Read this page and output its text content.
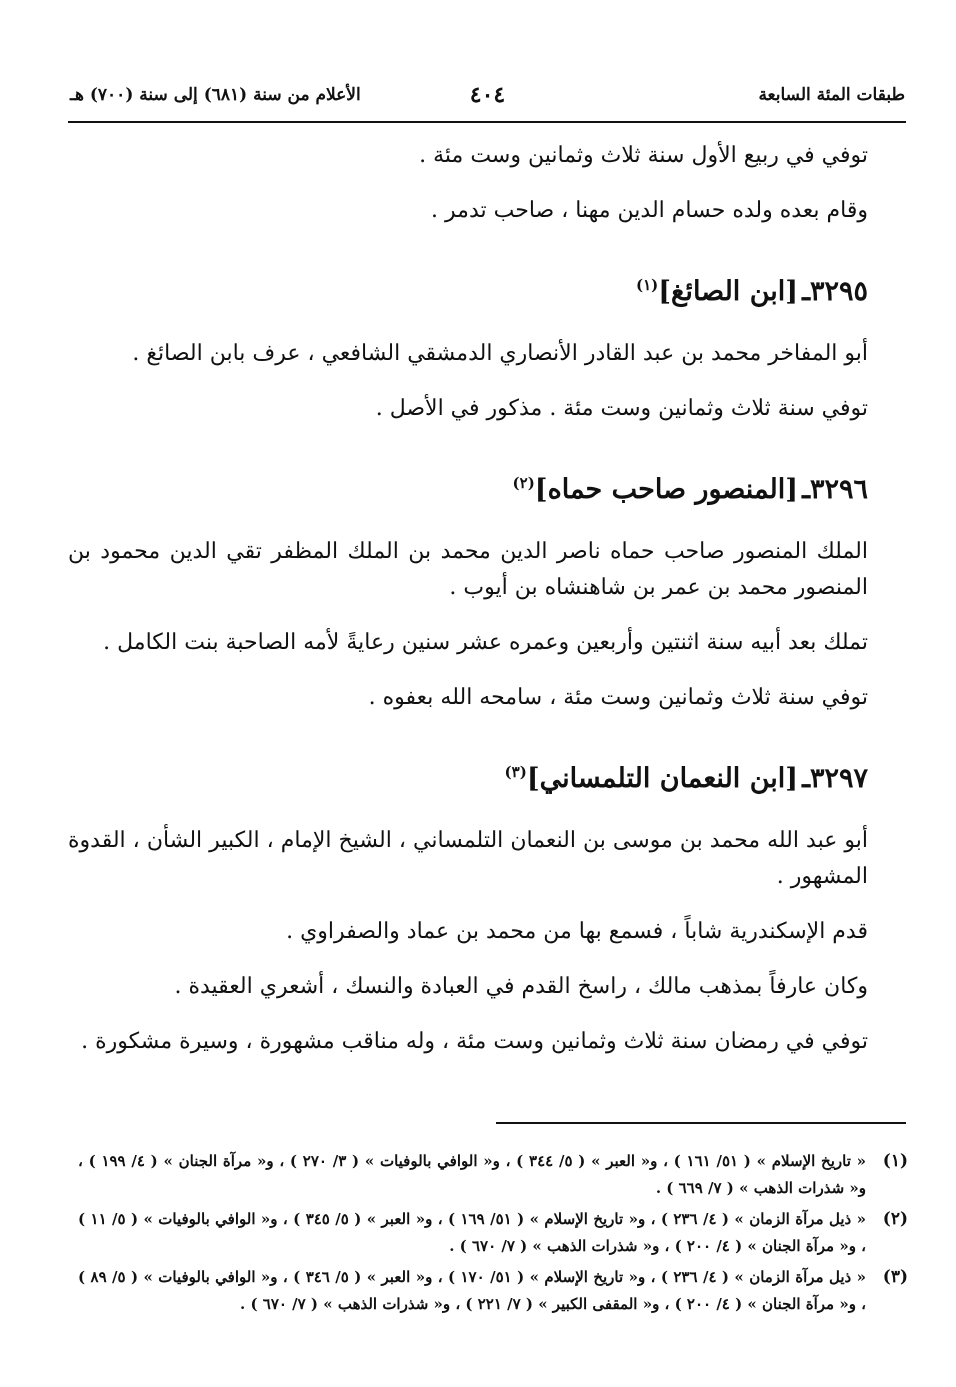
طبقات المئة السابعة
٤٠٤
الأعلام من سنة (٦٨١) إلى سنة (٧٠٠) هـ

توفي في ربيع الأول سنة ثلاث وثمانين وست مئة .

وقام بعده ولده حسام الدين مهنا ، صاحب تدمر .

٣٢٩٥ـ[ابن الصائغ]$^{(١)}$

أبو المفاخر محمد بن عبد القادر الأنصاري الدمشقي الشافعي ، عرف بابن الصائغ .

توفي سنة ثلاث وثمانين وست مئة . مذكور في الأصل .

٣٢٩٦ـ[المنصور صاحب حماه]$^{(٢)}$

الملك المنصور صاحب حماه ناصر الدين محمد بن الملك المظفر تقي الدين محمود بن المنصور محمد بن عمر بن شاهنشاه بن أيوب .

تملك بعد أبيه سنة اثنتين وأربعين وعمره عشر سنين رعايةً لأمه الصاحبة بنت الكامل .

توفي سنة ثلاث وثمانين وست مئة ، سامحه الله بعفوه .

٣٢٩٧ـ[ابن النعمان التلمساني]$^{(٣)}$

أبو عبد الله محمد بن موسى بن النعمان التلمساني ، الشيخ الإمام ، الكبير الشأن ، القدوة المشهور .

قدم الإسكندرية شاباً ، فسمع بها من محمد بن عماد والصفراوي .

وكان عارفاً بمذهب مالك ، راسخ القدم في العبادة والنسك ، أشعري العقيدة .

توفي في رمضان سنة ثلاث وثمانين وست مئة ، وله مناقب مشهورة ، وسيرة مشكورة .

(١)
« تاريخ الإسلام » ( ٥١/ ١٦١ ) ، و« العبر » ( ٥/ ٣٤٤ ) ، و« الوافي بالوفيات » ( ٣/ ٢٧٠ ) ، و« مرآة الجنان » ( ٤/ ١٩٩ ) ، و« شذرات الذهب » ( ٧/ ٦٦٩ ) .
(٢)
« ذيل مرآة الزمان » ( ٤/ ٢٣٦ ) ، و« تاريخ الإسلام » ( ٥١/ ١٦٩ ) ، و« العبر » ( ٥/ ٣٤٥ ) ، و« الوافي بالوفيات » ( ٥/ ١١ ) ، و« مرآة الجنان » ( ٤/ ٢٠٠ ) ، و« شذرات الذهب » ( ٧/ ٦٧٠ ) .
(٣)
« ذيل مرآة الزمان » ( ٤/ ٢٣٦ ) ، و« تاريخ الإسلام » ( ٥١/ ١٧٠ ) ، و« العبر » ( ٥/ ٣٤٦ ) ، و« الوافي بالوفيات » ( ٥/ ٨٩ ) ، و« مرآة الجنان » ( ٤/ ٢٠٠ ) ، و« المقفى الكبير » ( ٧/ ٢٢١ ) ، و« شذرات الذهب » ( ٧/ ٦٧٠ ) .
